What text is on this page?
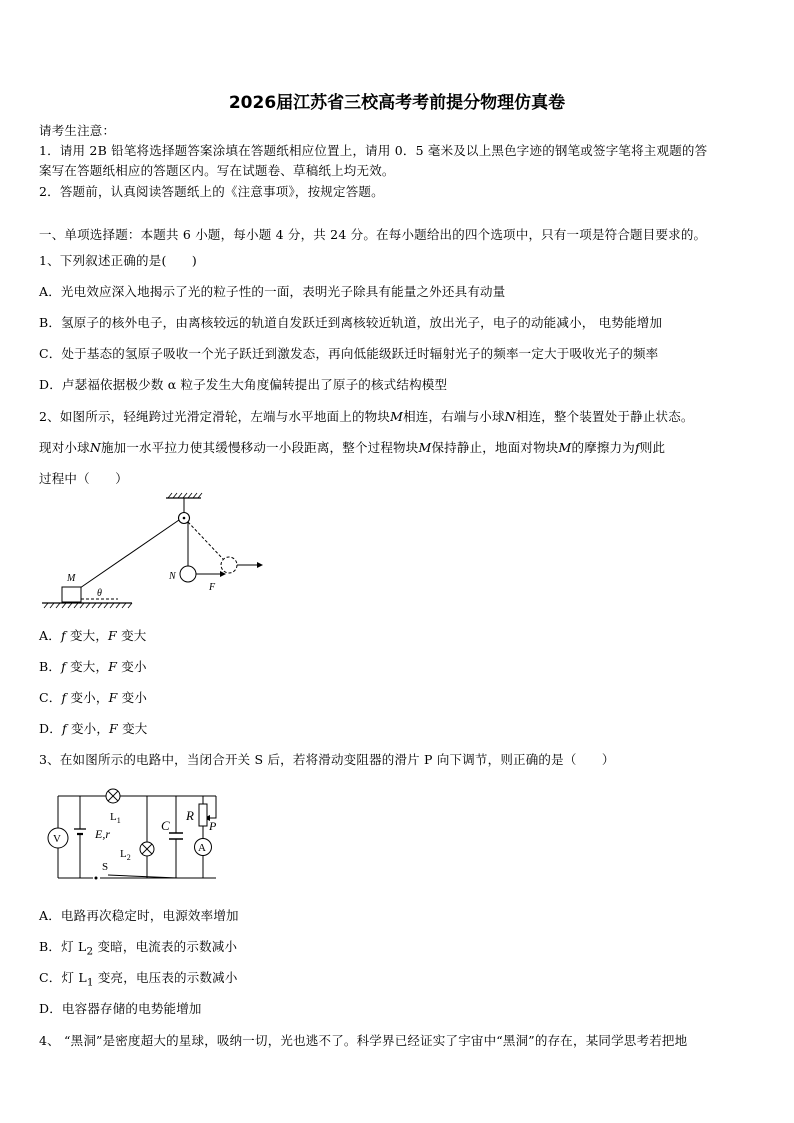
2026届江苏省三校高考考前提分物理仿真卷
请考生注意：
1．请用 2B 铅笔将选择题答案涂填在答题纸相应位置上，请用 0．5 毫米及以上黑色字迹的钢笔或签字笔将主观题的答
案写在答题纸相应的答题区内。写在试题卷、草稿纸上均无效。
2．答题前，认真阅读答题纸上的《注意事项》，按规定答题。
一、单项选择题：本题共 6 小题，每小题 4 分，共 24 分。在每小题给出的四个选项中，只有一项是符合题目要求的。
1、下列叙述正确的是(　　)
A．光电效应深入地揭示了光的粒子性的一面，表明光子除具有能量之外还具有动量
B．氢原子的核外电子，由离核较远的轨道自发跃迁到离核较近轨道，放出光子，电子的动能减小， 电势能增加
C．处于基态的氢原子吸收一个光子跃迁到激发态，再向低能级跃迁时辐射光子的频率一定大于吸收光子的频率
D．卢瑟福依据极少数 α 粒子发生大角度偏转提出了原子的核式结构模型
2、如图所示，轻绳跨过光滑定滑轮，左端与水平地面上的物块M相连，右端与小球N相连，整个装置处于静止状态。
现对小球N施加一水平拉力使其缓慢移动一小段距离，整个过程物块M保持静止，地面对物块M的摩擦力为f则此
过程中（　　）
M
θ
N
F
A．f 变大，F 变大
B．f 变大，F 变小
C．f 变小，F 变小
D．f 变小，F 变大
3、在如图所示的电路中，当闭合开关 S 后，若将滑动变阻器的滑片 P 向下调节，则正确的是（　　）
V
A
E,r
$L_1$
$L_2$
C
R
P
S
A．电路再次稳定时，电源效率增加
B．灯 $L_2$ 变暗，电流表的示数减小
C．灯 $L_1$ 变亮，电压表的示数减小
D．电容器存储的电势能增加
4、 “黑洞”是密度超大的星球，吸纳一切，光也逃不了。科学界已经证实了宇宙中“黑洞”的存在，某同学思考若把地
